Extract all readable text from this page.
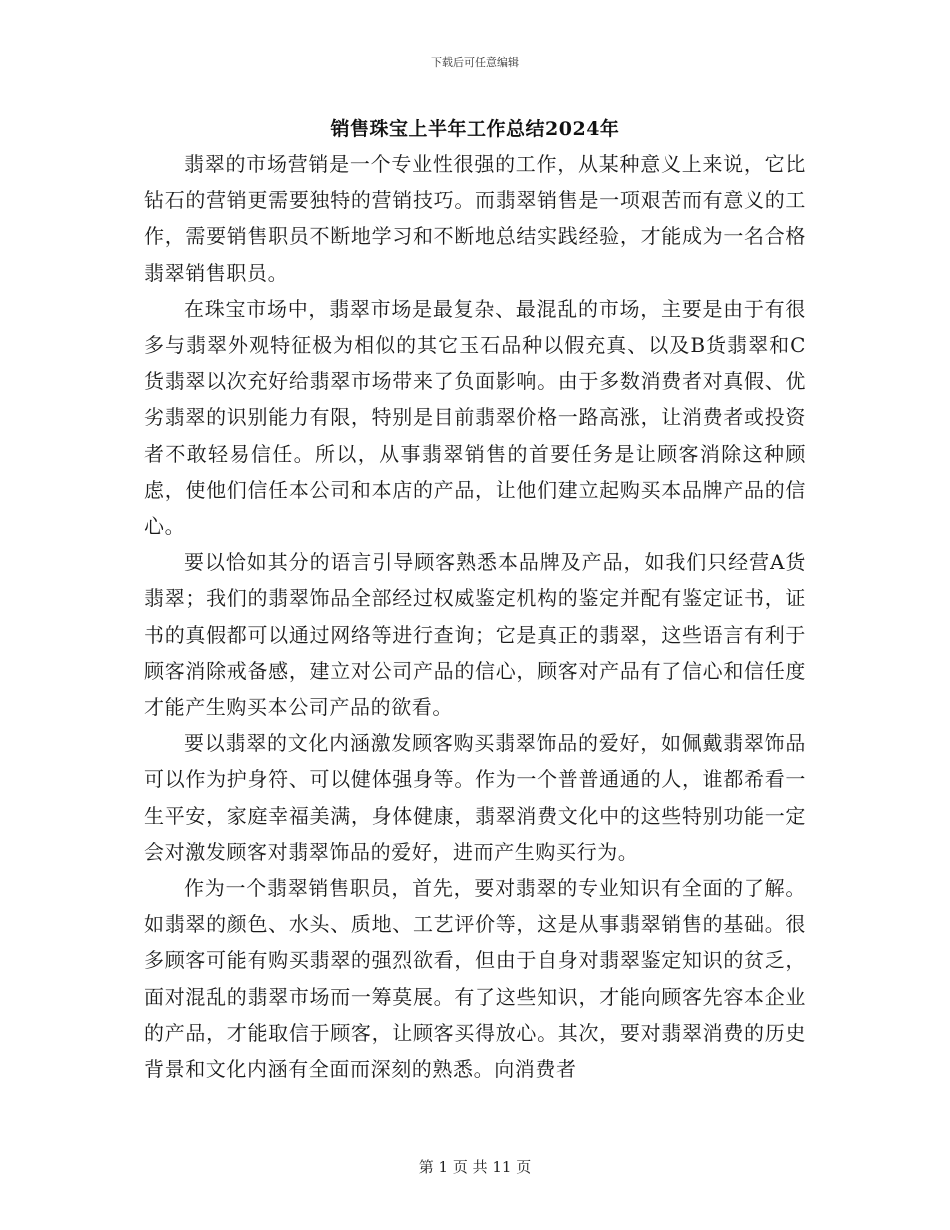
下载后可任意编辑
销售珠宝上半年工作总结2024年

翡翠的市场营销是一个专业性很强的工作，从某种意义上来说，它比钻石的营销更需要独特的营销技巧。而翡翠销售是一项艰苦而有意义的工作，需要销售职员不断地学习和不断地总结实践经验，才能成为一名合格翡翠销售职员。

在珠宝市场中，翡翠市场是最复杂、最混乱的市场，主要是由于有很多与翡翠外观特征极为相似的其它玉石品种以假充真、以及B货翡翠和C货翡翠以次充好给翡翠市场带来了负面影响。由于多数消费者对真假、优劣翡翠的识别能力有限，特别是目前翡翠价格一路高涨，让消费者或投资者不敢轻易信任。所以，从事翡翠销售的首要任务是让顾客消除这种顾虑，使他们信任本公司和本店的产品，让他们建立起购买本品牌产品的信心。

要以恰如其分的语言引导顾客熟悉本品牌及产品，如我们只经营A货翡翠；我们的翡翠饰品全部经过权威鉴定机构的鉴定并配有鉴定证书，证书的真假都可以通过网络等进行查询；它是真正的翡翠，这些语言有利于顾客消除戒备感，建立对公司产品的信心，顾客对产品有了信心和信任度才能产生购买本公司产品的欲看。

要以翡翠的文化内涵激发顾客购买翡翠饰品的爱好，如佩戴翡翠饰品可以作为护身符、可以健体强身等。作为一个普普通通的人，谁都希看一生平安，家庭幸福美满，身体健康，翡翠消费文化中的这些特别功能一定会对激发顾客对翡翠饰品的爱好，进而产生购买行为。

作为一个翡翠销售职员，首先，要对翡翠的专业知识有全面的了解。如翡翠的颜色、水头、质地、工艺评价等，这是从事翡翠销售的基础。很多顾客可能有购买翡翠的强烈欲看，但由于自身对翡翠鉴定知识的贫乏，面对混乱的翡翠市场而一筹莫展。有了这些知识，才能向顾客先容本企业的产品，才能取信于顾客，让顾客买得放心。其次，要对翡翠消费的历史背景和文化内涵有全面而深刻的熟悉。向消费者

第 1 页 共 11 页
